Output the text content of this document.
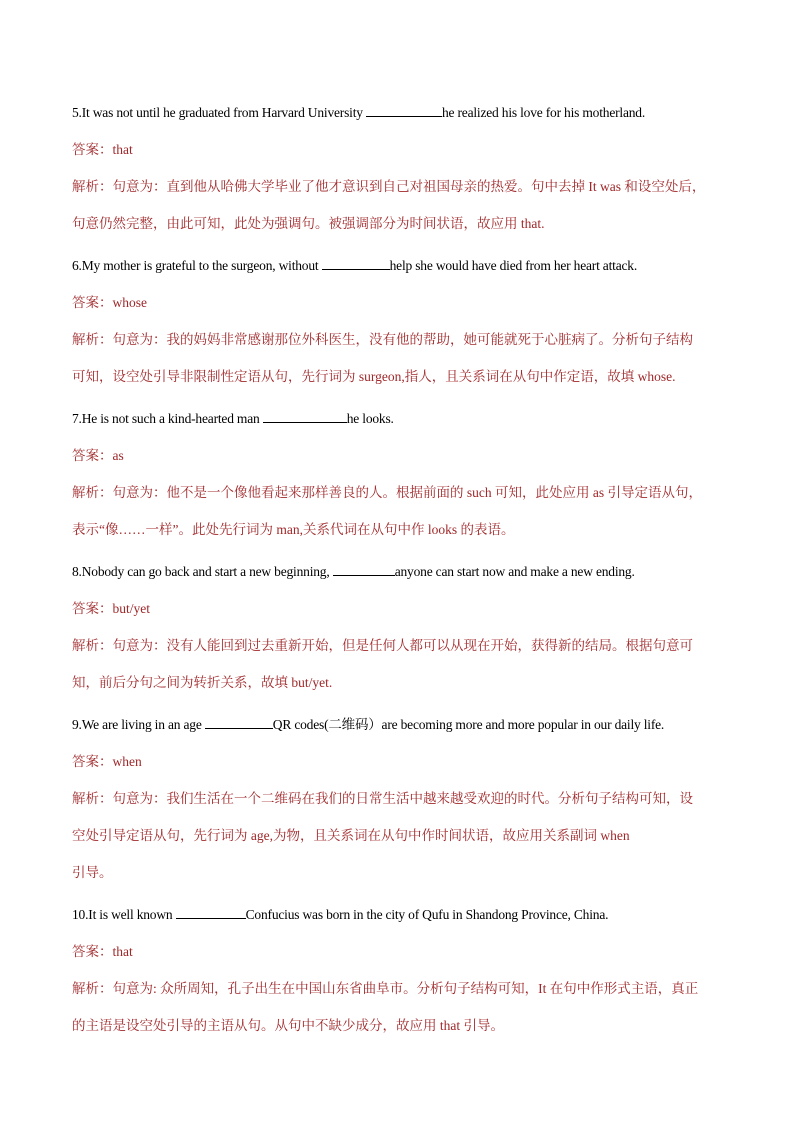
5.It was not until he graduated from Harvard University	he realized his love for his motherland.
答案：that
解析：句意为：直到他从哈佛大学毕业了他才意识到自己对祖国母亲的热爱。句中去掉 It was 和设空处后，
句意仍然完整，由此可知，此处为强调句。被强调部分为时间状语，故应用 that.
6.My mother is grateful to the surgeon, without	help she would have died from her heart attack.
答案：whose
解析：句意为：我的妈妈非常感谢那位外科医生，没有他的帮助，她可能就死于心脏病了。分析句子结构
可知，设空处引导非限制性定语从句，先行词为 surgeon,指人，且关系词在从句中作定语，故填 whose.
7.He is not such a kind-hearted man	he looks.
答案：as
解析：句意为：他不是一个像他看起来那样善良的人。根据前面的 such 可知，此处应用 as 引导定语从句，
表示“像……一样”。此处先行词为 man,关系代词在从句中作 looks 的表语。
8.Nobody can go back and start a new beginning,	anyone can start now and make a new ending.
答案：but/yet
解析：句意为：没有人能回到过去重新开始，但是任何人都可以从现在开始，获得新的结局。根据句意可
知，前后分句之间为转折关系，故填 but/yet.
9.We are living in an age	QR codes(二维码）are becoming more and more popular in our daily life.
答案：when
解析：句意为：我们生活在一个二维码在我们的日常生活中越来越受欢迎的时代。分析句子结构可知，设
空处引导定语从句，先行词为 age,为物，且关系词在从句中作时间状语，故应用关系副词 when
引导。
10.It is well known	Confucius was born in the city of Qufu in Shandong Province, China.
答案：that
解析：句意为: 众所周知，孔子出生在中国山东省曲阜市。分析句子结构可知，It 在句中作形式主语，真正
的主语是设空处引导的主语从句。从句中不缺少成分，故应用 that 引导。
